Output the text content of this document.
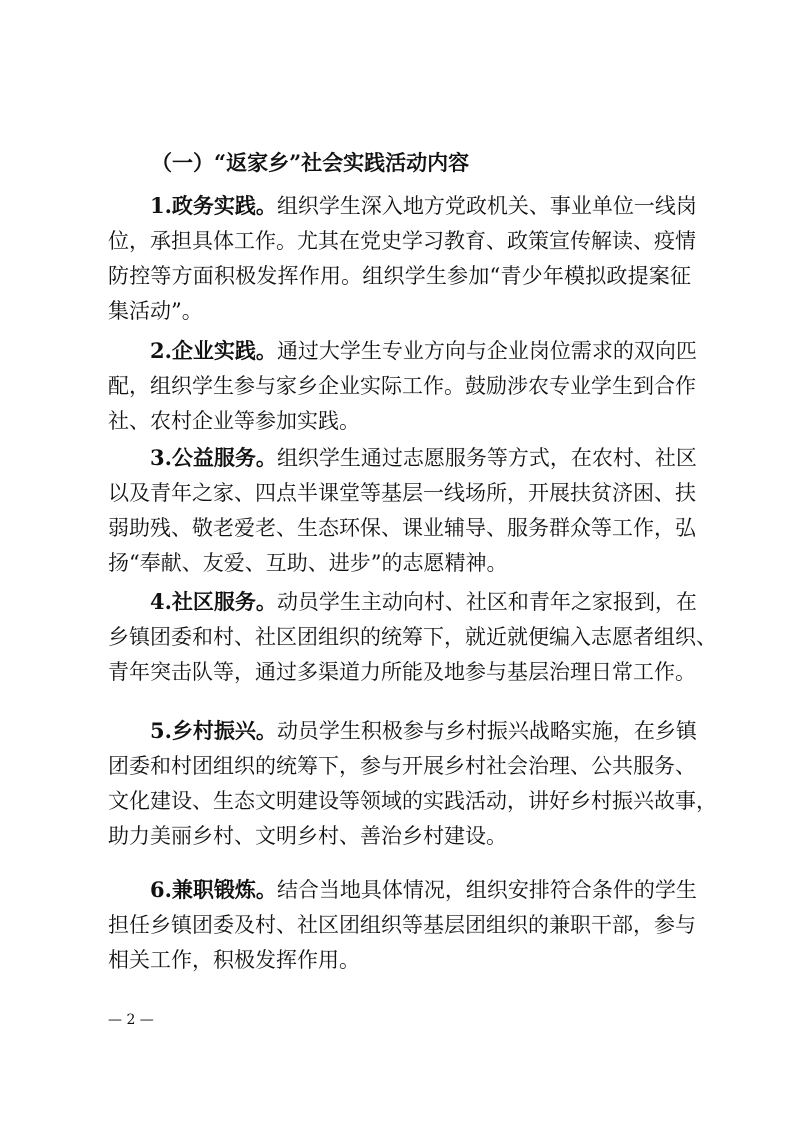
（一）“返家乡”社会实践活动内容

1.政务实践。组织学生深入地方党政机关、事业单位一线岗
位，承担具体工作。尤其在党史学习教育、政策宣传解读、疫情
防控等方面积极发挥作用。组织学生参加“青少年模拟政提案征
集活动”。

2.企业实践。通过大学生专业方向与企业岗位需求的双向匹
配，组织学生参与家乡企业实际工作。鼓励涉农专业学生到合作
社、农村企业等参加实践。

3.公益服务。组织学生通过志愿服务等方式，在农村、社区
以及青年之家、四点半课堂等基层一线场所，开展扶贫济困、扶
弱助残、敬老爱老、生态环保、课业辅导、服务群众等工作，弘
扬“奉献、友爱、互助、进步”的志愿精神。

4.社区服务。动员学生主动向村、社区和青年之家报到，在
乡镇团委和村、社区团组织的统筹下，就近就便编入志愿者组织、
青年突击队等，通过多渠道力所能及地参与基层治理日常工作。

5.乡村振兴。动员学生积极参与乡村振兴战略实施，在乡镇
团委和村团组织的统筹下，参与开展乡村社会治理、公共服务、
文化建设、生态文明建设等领域的实践活动，讲好乡村振兴故事，
助力美丽乡村、文明乡村、善治乡村建设。

6.兼职锻炼。结合当地具体情况，组织安排符合条件的学生
担任乡镇团委及村、社区团组织等基层团组织的兼职干部，参与
相关工作，积极发挥作用。

— 2 —
